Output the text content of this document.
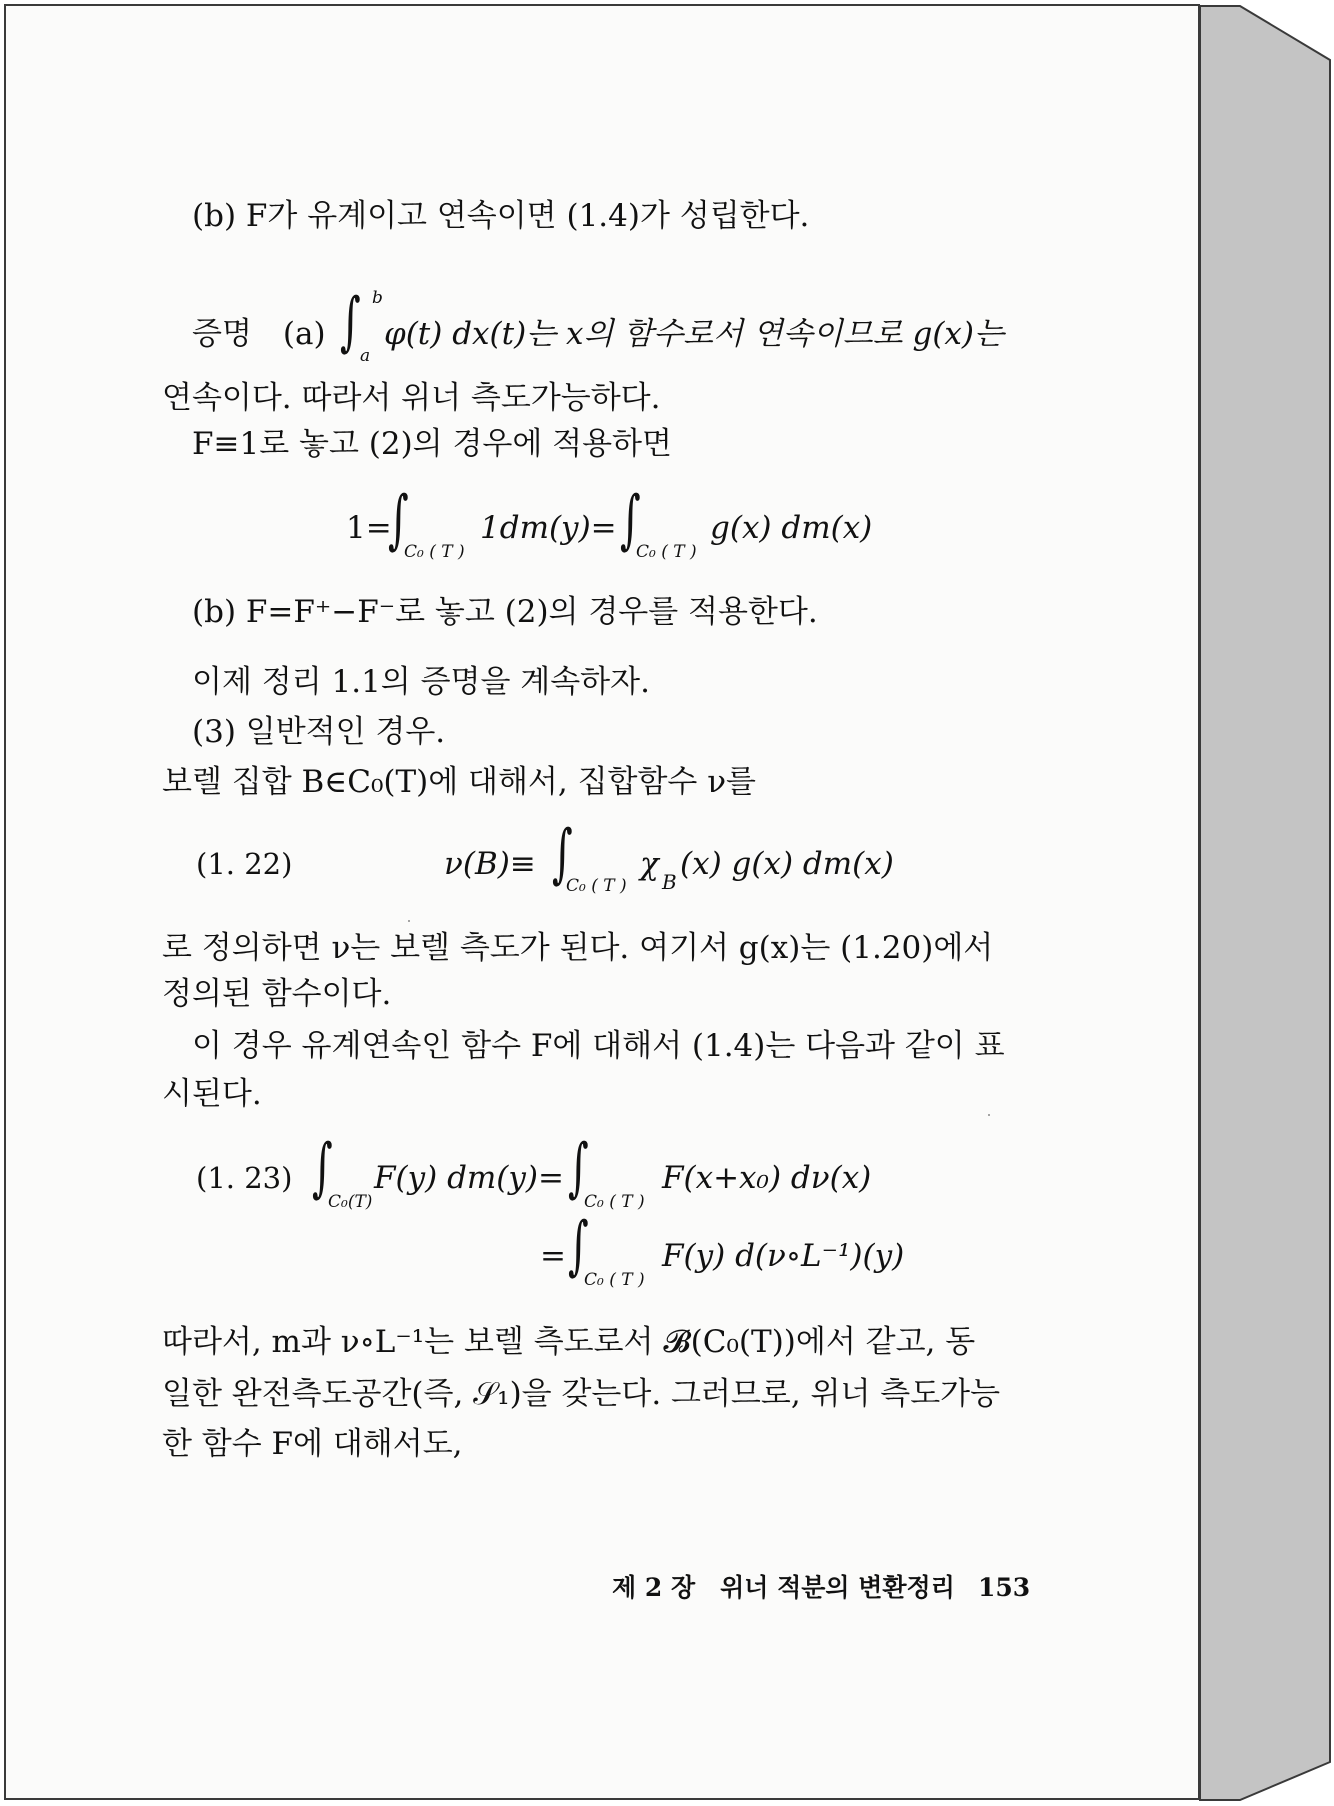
(b) F가 유계이고 연속이면 (1.4)가 성립한다.
증명　(a) ∫ b
a
φ(t) dx(t)는 x의 함수로서 연속이므로 g(x)는
연속이다. 따라서 위너 측도가능하다.
F≡1로 놓고 (2)의 경우에 적용하면
1=
∫
C₀ ( T )
1dm(y)= ∫
C₀ ( T )
g(x) dm(x)
(b) F=F⁺−F⁻로 놓고 (2)의 경우를 적용한다.
이제 정리 1.1의 증명을 계속하자.
(3) 일반적인 경우.
보렐 집합 B∈C₀(T)에 대해서, 집합함수 ν를
(1. 22)	ν(B)≡ ∫
C₀ ( T )
χ B (x) g(x) dm(x)
로 정의하면 ν는 보렐 측도가 된다. 여기서 g(x)는 (1.20)에서
정의된 함수이다.
이 경우 유계연속인 함수 F에 대해서 (1.4)는 다음과 같이 표
시된다.
(1. 23) ∫
C₀(T)
F(y) dm(y)= ∫
C₀ ( T )
F(x+x₀) dν(x)
= ∫
C₀ ( T )
F(y) d(ν∘L⁻¹)(y)
따라서, m과 ν∘L⁻¹는 보렐 측도로서 𝓑(C₀(T))에서 같고, 동
일한 완전측도공간(즉, 𝒮₁)을 갖는다. 그러므로, 위너 측도가능
한 함수 F에 대해서도,
제 2 장　위너 적분의 변환정리 153
